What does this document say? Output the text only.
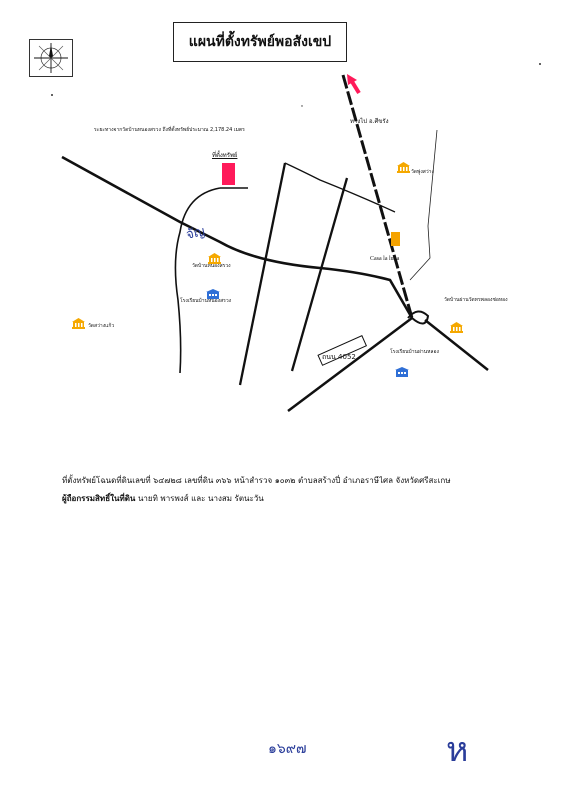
แผนที่ตั้งทรัพย์พอสังเขป
ระยะทางจากวัดบ้านหนองสรวง ถึงที่ตั้งทรัพย์ประมาณ 2,178.24 เมตร
ที่ตั้งทรัพย์
ทางไป อ.ศีขรัง
วัดพู่งสว่าง
Casa la luna
วัดบ้านหนองสรวง
โรงเรียนบ้านหนองสรวง
วัดสว่างแก้ว
วัดบ้านผ่านวัดทรพลองช่อหอง
โรงเรียนบ้านผ่านหลอง
ถนน 4052
จัญ
ที่ตั้งทรัพย์โฉนดที่ดินเลขที่ ๖๔๗๒๘ เลขที่ดิน ๓๖๖ หน้าสำรวจ ๑๐๓๒ ตำบลสร้างปี่ อำเภอราษีไศล จังหวัดศรีสะเกษ
ผู้ถือกรรมสิทธิ์ในที่ดิน นายทิ พารพงส์ และ นางสม รัตนะวัน
๑๖๙๗	ห
